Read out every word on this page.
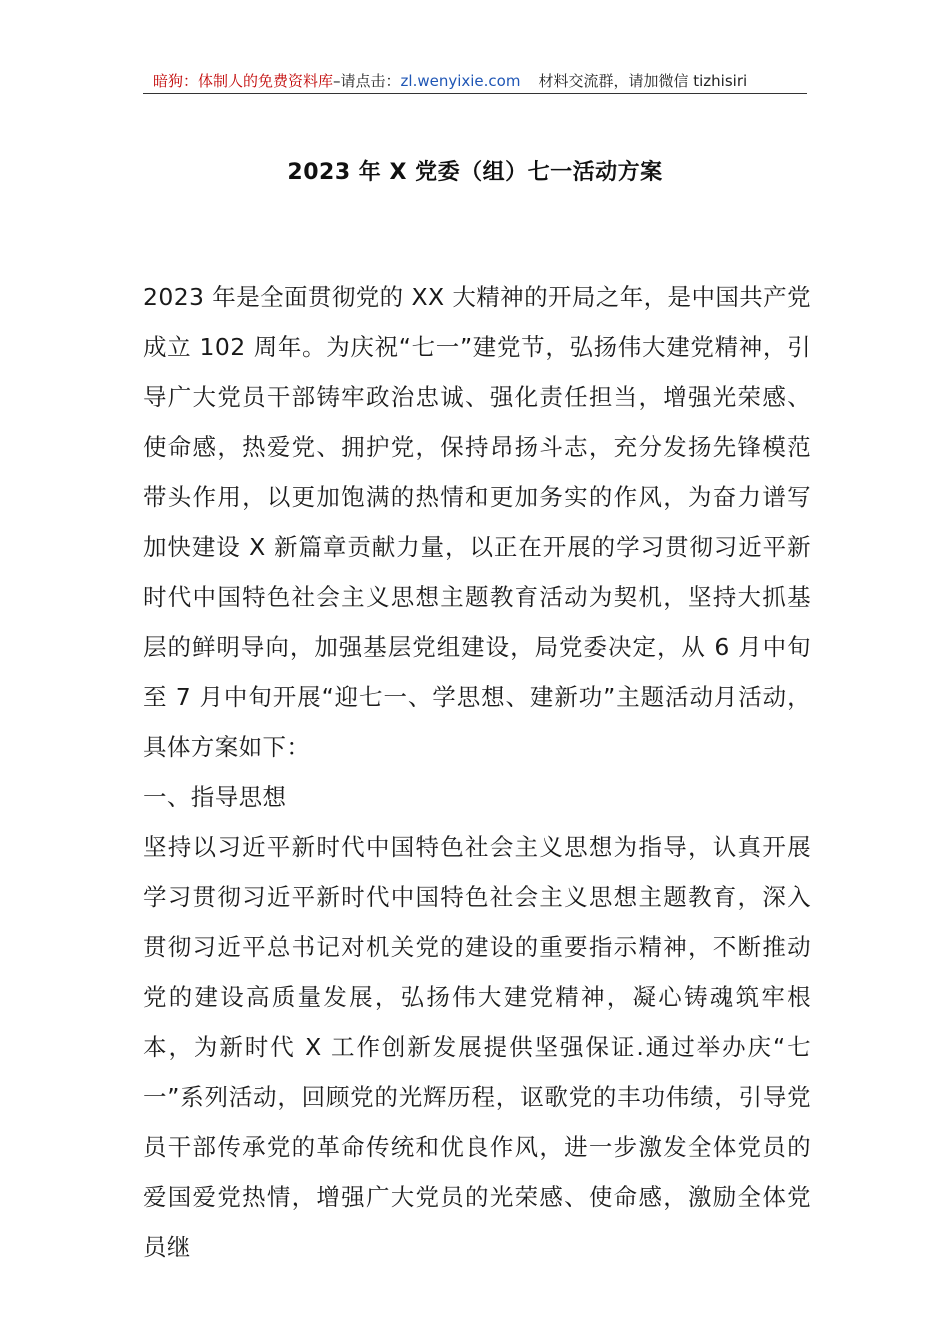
暗狗：体制人的免费资料库–请点击：zl.wenyixie.com 材料交流群，请加微信 tizhisiri
2023 年 X 党委（组）七一活动方案

2023 年是全面贯彻党的 XX 大精神的开局之年，是中国共产党成立 102 周年。为庆祝“七一”建党节，弘扬伟大建党精神，引导广大党员干部铸牢政治忠诚、强化责任担当，增强光荣感、使命感，热爱党、拥护党，保持昂扬斗志，充分发扬先锋模范带头作用，以更加饱满的热情和更加务实的作风，为奋力谱写加快建设 X 新篇章贡献力量，以正在开展的学习贯彻习近平新时代中国特色社会主义思想主题教育活动为契机，坚持大抓基层的鲜明导向，加强基层党组建设，局党委决定，从 6 月中旬至 7 月中旬开展“迎七一、学思想、建新功”主题活动月活动，具体方案如下：

一、指导思想

坚持以习近平新时代中国特色社会主义思想为指导，认真开展学习贯彻习近平新时代中国特色社会主义思想主题教育，深入贯彻习近平总书记对机关党的建设的重要指示精神，不断推动党的建设高质量发展，弘扬伟大建党精神，凝心铸魂筑牢根本，为新时代 X 工作创新发展提供坚强保证.通过举办庆“七一”系列活动，回顾党的光辉历程，讴歌党的丰功伟绩，引导党员干部传承党的革命传统和优良作风，进一步激发全体党员的爱国爱党热情，增强广大党员的光荣感、使命感，激励全体党员继
